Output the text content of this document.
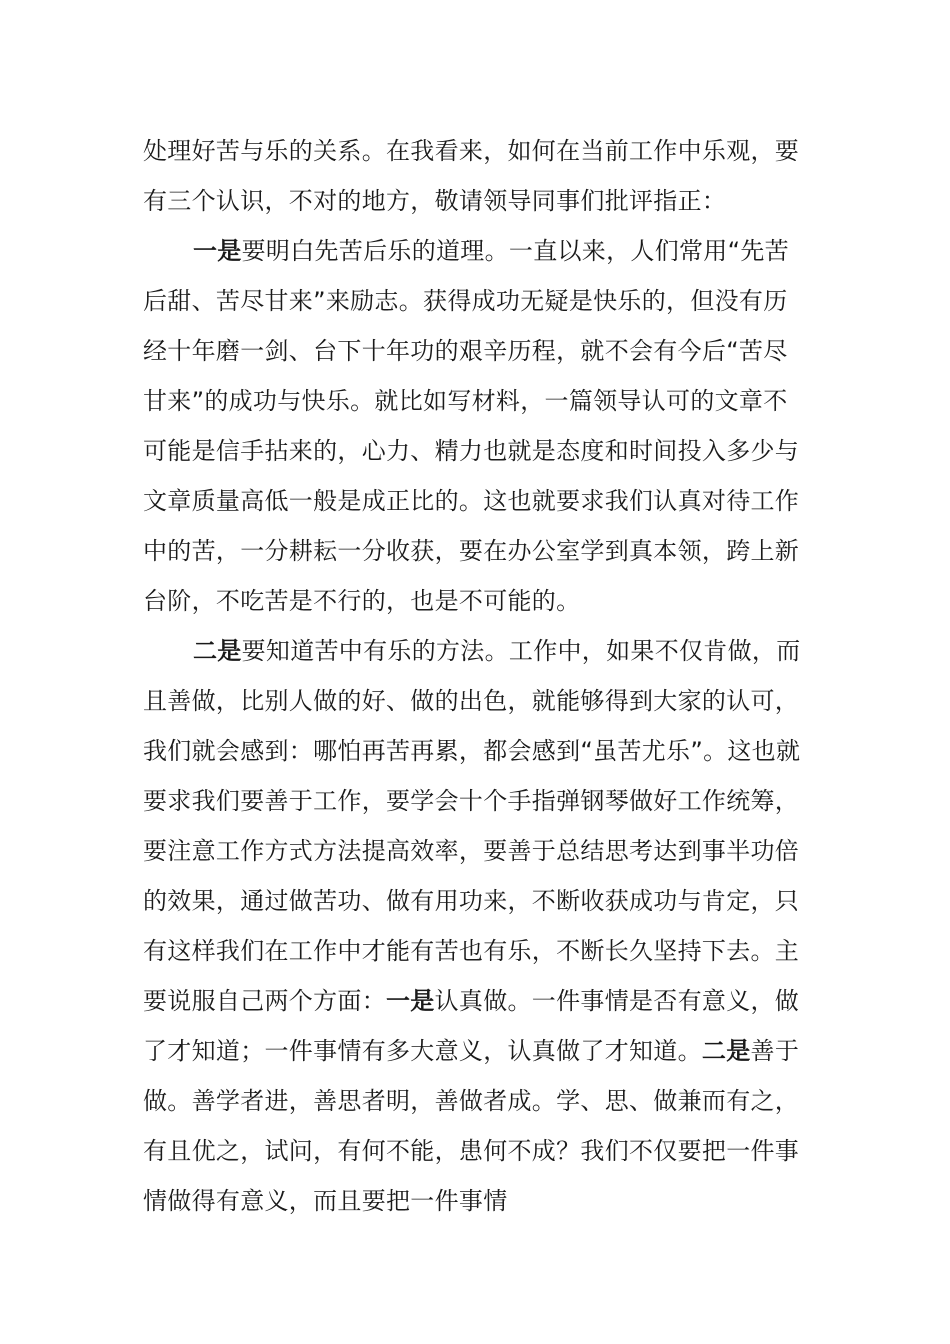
处理好苦与乐的关系。在我看来，如何在当前工作中乐观，要有三个认识，不对的地方，敬请领导同事们批评指正：

一是要明白先苦后乐的道理。一直以来，人们常用“先苦后甜、苦尽甘来”来励志。获得成功无疑是快乐的，但没有历经十年磨一剑、台下十年功的艰辛历程，就不会有今后“苦尽甘来”的成功与快乐。就比如写材料，一篇领导认可的文章不可能是信手拈来的，心力、精力也就是态度和时间投入多少与文章质量高低一般是成正比的。这也就要求我们认真对待工作中的苦，一分耕耘一分收获，要在办公室学到真本领，跨上新台阶，不吃苦是不行的，也是不可能的。

二是要知道苦中有乐的方法。工作中，如果不仅肯做，而且善做，比别人做的好、做的出色，就能够得到大家的认可，我们就会感到：哪怕再苦再累，都会感到“虽苦尤乐”。这也就要求我们要善于工作，要学会十个手指弹钢琴做好工作统筹，要注意工作方式方法提高效率，要善于总结思考达到事半功倍的效果，通过做苦功、做有用功来，不断收获成功与肯定，只有这样我们在工作中才能有苦也有乐，不断长久坚持下去。主要说服自己两个方面：一是认真做。一件事情是否有意义，做了才知道；一件事情有多大意义，认真做了才知道。二是善于做。善学者进，善思者明，善做者成。学、思、做兼而有之，有且优之，试问，有何不能，患何不成？我们不仅要把一件事情做得有意义，而且要把一件事情
